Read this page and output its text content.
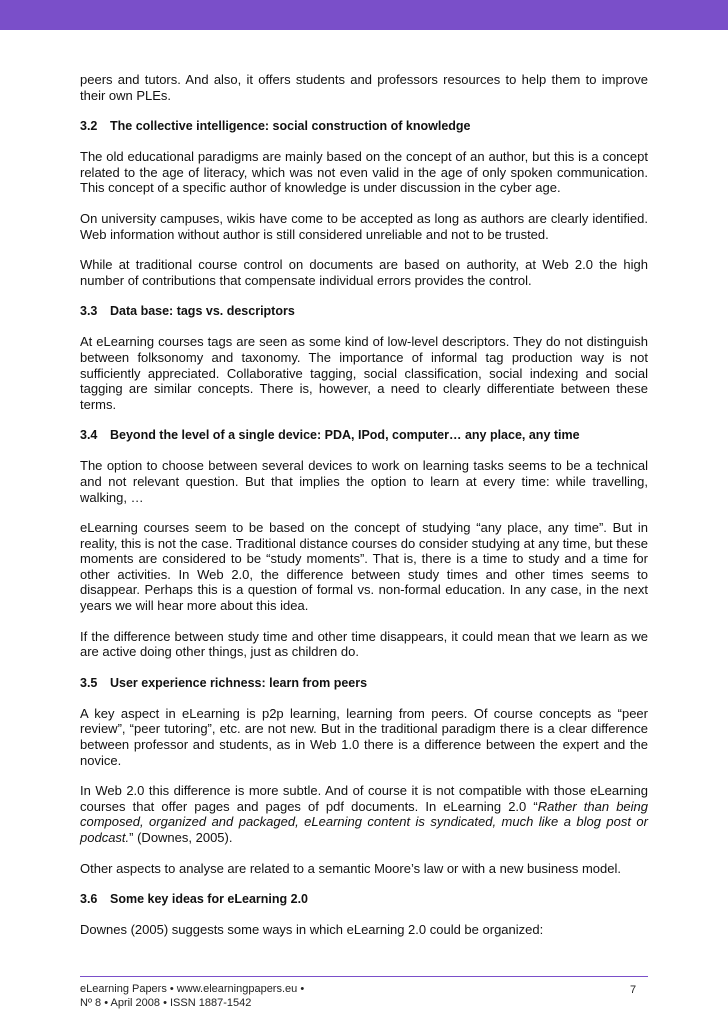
peers and tutors. And also, it offers students and professors resources to help them to improve their own PLEs.

3.2 The collective intelligence: social construction of knowledge

The old educational paradigms are mainly based on the concept of an author, but this is a concept related to the age of literacy, which was not even valid in the age of only spoken communication. This concept of a specific author of knowledge is under discussion in the cyber age.

On university campuses, wikis have come to be accepted as long as authors are clearly identified. Web information without author is still considered unreliable and not to be trusted.

While at traditional course control on documents are based on authority, at Web 2.0 the high number of contributions that compensate individual errors provides the control.

3.3 Data base: tags vs. descriptors

At eLearning courses tags are seen as some kind of low-level descriptors. They do not distinguish between folksonomy and taxonomy. The importance of informal tag production way is not sufficiently appreciated. Collaborative tagging, social classification, social indexing and social tagging are similar concepts. There is, however, a need to clearly differentiate between these terms.

3.4 Beyond the level of a single device: PDA, IPod, computer… any place, any time

The option to choose between several devices to work on learning tasks seems to be a technical and not relevant question. But that implies the option to learn at every time: while travelling, walking, …

eLearning courses seem to be based on the concept of studying “any place, any time”. But in reality, this is not the case. Traditional distance courses do consider studying at any time, but these moments are considered to be “study moments”. That is, there is a time to study and a time for other activities. In Web 2.0, the difference between study times and other times seems to disappear. Perhaps this is a question of formal vs. non-formal education. In any case, in the next years we will hear more about this idea.

If the difference between study time and other time disappears, it could mean that we learn as we are active doing other things, just as children do.

3.5 User experience richness: learn from peers

A key aspect in eLearning is p2p learning, learning from peers. Of course concepts as “peer review”, “peer tutoring”, etc. are not new. But in the traditional paradigm there is a clear difference between professor and students, as in Web 1.0 there is a difference between the expert and the novice.

In Web 2.0 this difference is more subtle. And of course it is not compatible with those eLearning courses that offer pages and pages of pdf documents. In eLearning 2.0 “Rather than being composed, organized and packaged, eLearning content is syndicated, much like a blog post or podcast.” (Downes, 2005).

Other aspects to analyse are related to a semantic Moore’s law or with a new business model.

3.6 Some key ideas for eLearning 2.0

Downes (2005) suggests some ways in which eLearning 2.0 could be organized:

eLearning Papers • www.elearningpapers.eu •
Nº 8 • April 2008 • ISSN 1887-1542
7
